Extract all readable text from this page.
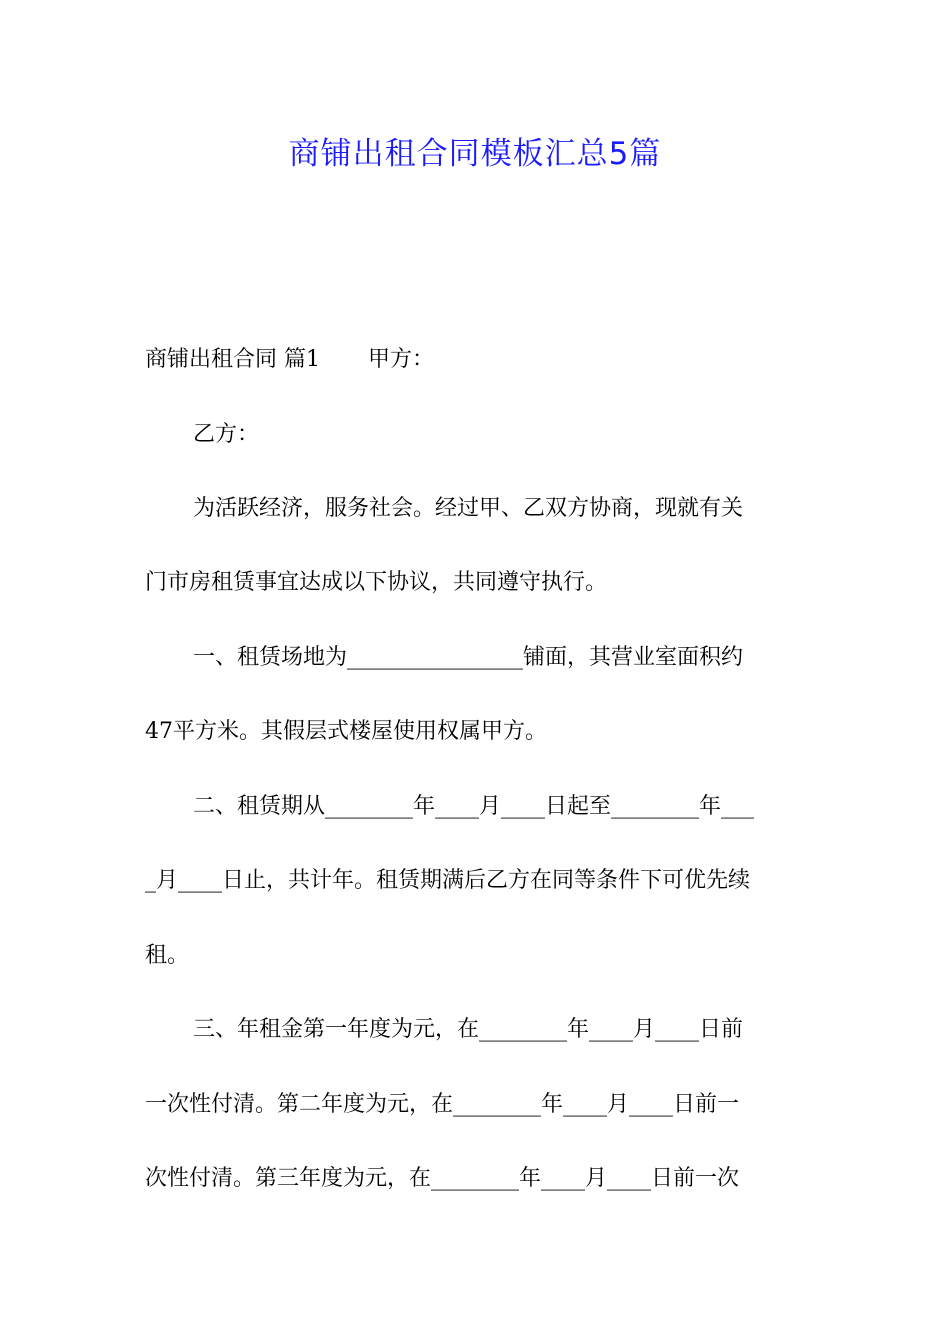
商铺出租合同模板汇总5篇
商铺出租合同 篇1 甲方：
乙方：
为活跃经济，服务社会。经过甲、乙双方协商，现就有关
门市房租赁事宜达成以下协议，共同遵守执行。
一、租赁场地为________________铺面，其营业室面积约
47平方米。其假层式楼屋使用权属甲方。
二、租赁期从________年____月____日起至________年___
_月____日止，共计年。租赁期满后乙方在同等条件下可优先续
租。
三、年租金第一年度为元，在________年____月____日前
一次性付清。第二年度为元，在________年____月____日前一
次性付清。第三年度为元，在________年____月____日前一次
